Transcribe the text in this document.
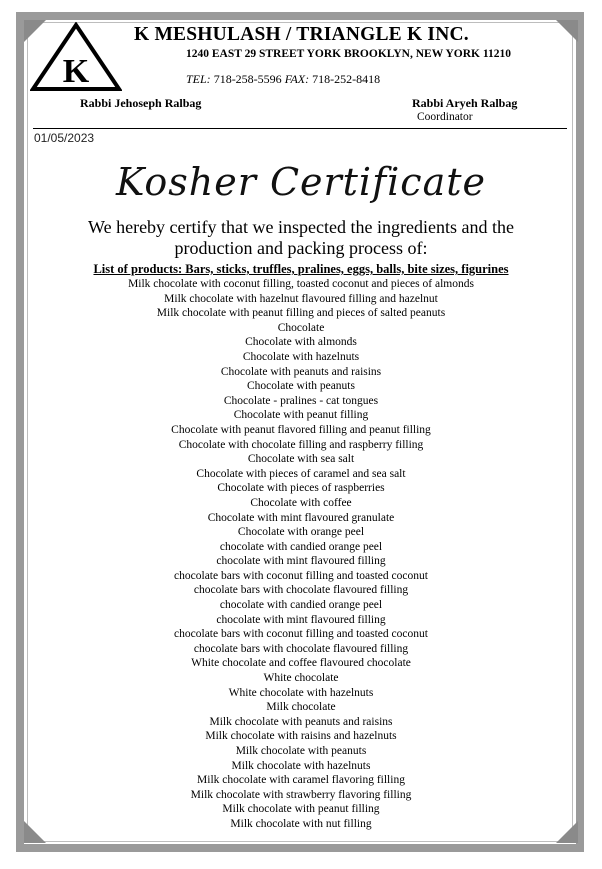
K
K MESHULASH / TRIANGLE K INC.
1240 EAST 29 STREET YORK BROOKLYN, NEW YORK 11210
TEL: 718-258-5596 FAX: 718-252-8418
Rabbi Jehoseph Ralbag	Rabbi Aryeh Ralbag
Coordinator
01/05/2023
Kosher Certificate
We hereby certify that we inspected the ingredients and the production and packing process of:
List of products: Bars, sticks, truffles, pralines, eggs, balls, bite sizes, figurines
Milk chocolate with coconut filling, toasted coconut and pieces of almonds
Milk chocolate with hazelnut flavoured filling and hazelnut
Milk chocolate with peanut filling and pieces of salted peanuts
Chocolate
Chocolate with almonds
Chocolate with hazelnuts
Chocolate with peanuts and raisins
Chocolate with peanuts
Chocolate - pralines - cat tongues
Chocolate with peanut filling
Chocolate with peanut flavored filling and peanut filling
Chocolate with chocolate filling and raspberry filling
Chocolate with sea salt
Chocolate with pieces of caramel and sea salt
Chocolate with pieces of raspberries
Chocolate with coffee
Chocolate with mint flavoured granulate
Chocolate with orange peel
chocolate with candied orange peel
chocolate with mint flavoured filling
chocolate bars with coconut filling and toasted coconut
chocolate bars with chocolate flavoured filling
chocolate with candied orange peel
chocolate with mint flavoured filling
chocolate bars with coconut filling and toasted coconut
chocolate bars with chocolate flavoured filling
White chocolate and coffee flavoured chocolate
White chocolate
White chocolate with hazelnuts
Milk chocolate
Milk chocolate with peanuts and raisins
Milk chocolate with raisins and hazelnuts
Milk chocolate with peanuts
Milk chocolate with hazelnuts
Milk chocolate with caramel flavoring filling
Milk chocolate with strawberry flavoring filling
Milk chocolate with peanut filling
Milk chocolate with nut filling
